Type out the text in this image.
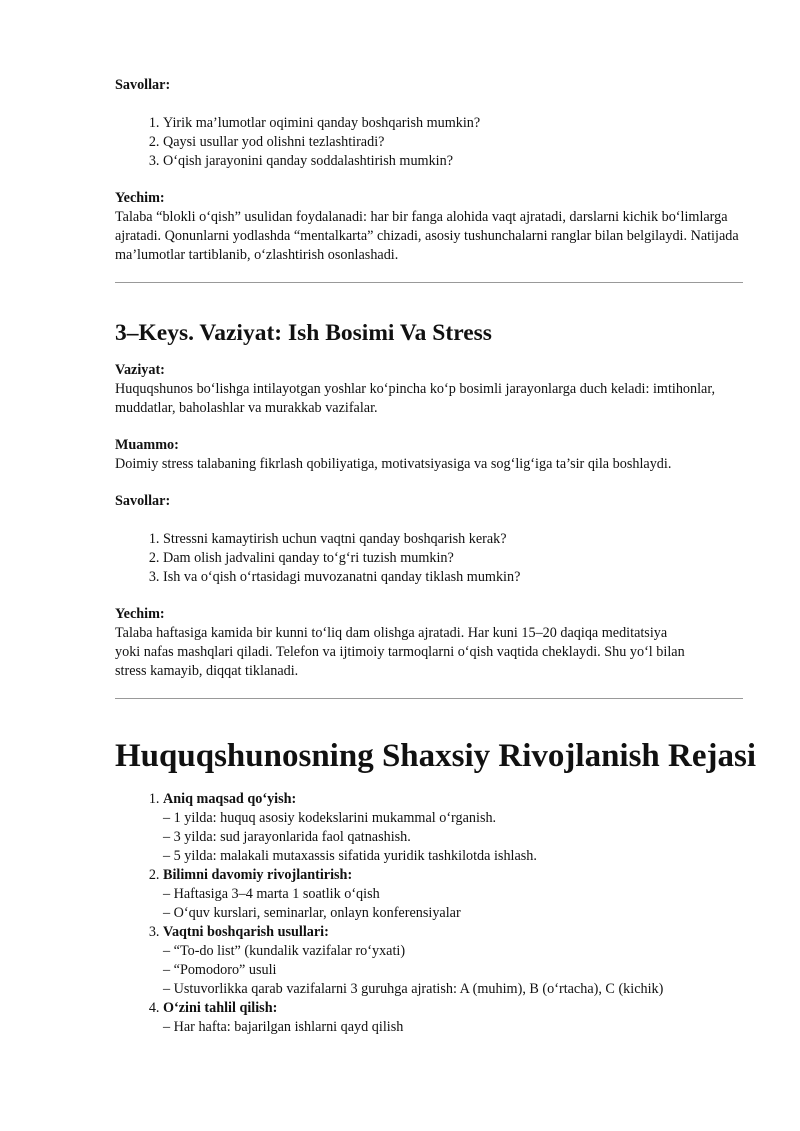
Savollar:

1. Yirik ma’lumotlar oqimini qanday boshqarish mumkin?
2. Qaysi usullar yod olishni tezlashtiradi?
3. O‘qish jarayonini qanday soddalashtirish mumkin?

Yechim:

Talaba “blokli o‘qish” usulidan foydalanadi: har bir fanga alohida vaqt ajratadi, darslarni kichik bo‘limlarga ajratadi. Qonunlarni yodlashda “mentalkarta” chizadi, asosiy tushunchalarni ranglar bilan belgilaydi. Natijada ma’lumotlar tartiblanib, o‘zlashtirish osonlashadi.

3–Keys. Vaziyat: Ish Bosimi Va Stress

Vaziyat:

Huquqshunos bo‘lishga intilayotgan yoshlar ko‘pincha ko‘p bosimli jarayonlarga duch keladi: imtihonlar, muddatlar, baholashlar va murakkab vazifalar.

Muammo:

Doimiy stress talabaning fikrlash qobiliyatiga, motivatsiyasiga va sog‘lig‘iga ta’sir qila boshlaydi.

Savollar:

1. Stressni kamaytirish uchun vaqtni qanday boshqarish kerak?
2. Dam olish jadvalini qanday to‘g‘ri tuzish mumkin?
3. Ish va o‘qish o‘rtasidagi muvozanatni qanday tiklash mumkin?

Yechim:

Talaba haftasiga kamida bir kunni to‘liq dam olishga ajratadi. Har kuni 15–20 daqiqa meditatsiya yoki nafas mashqlari qiladi. Telefon va ijtimoiy tarmoqlarni o‘qish vaqtida cheklaydi. Shu yo‘l bilan stress kamayib, diqqat tiklanadi.

Huquqshunosning Shaxsiy Rivojlanish Rejasi
1. Aniq maqsad qo‘yish:
– 1 yilda: huquq asosiy kodekslarini mukammal o‘rganish.
– 3 yilda: sud jarayonlarida faol qatnashish.
– 5 yilda: malakali mutaxassis sifatida yuridik tashkilotda ishlash.
2. Bilimni davomiy rivojlantirish:
– Haftasiga 3–4 marta 1 soatlik o‘qish
– O‘quv kurslari, seminarlar, onlayn konferensiyalar
3. Vaqtni boshqarish usullari:
– “To-do list” (kundalik vazifalar ro‘yxati)
– “Pomodoro” usuli
– Ustuvorlikka qarab vazifalarni 3 guruhga ajratish: A (muhim), B (o‘rtacha), C (kichik)
4. O‘zini tahlil qilish:
– Har hafta: bajarilgan ishlarni qayd qilish
